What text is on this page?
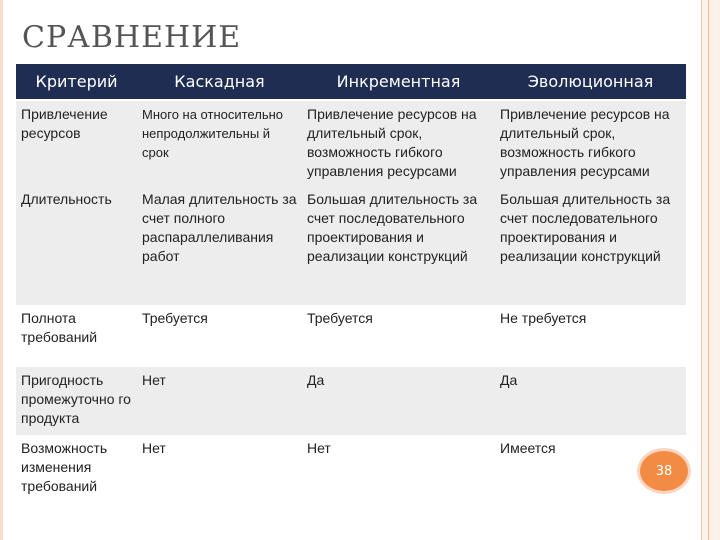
СРАВНЕНИЕ
Критерий	Каскадная	Инкрементная	Эволюционная
Привлечение ресурсов	Много на относительно непродолжительны й срок	Привлечение ресурсов на длительный срок, возможность гибкого управления ресурсами	Привлечение ресурсов на длительный срок, возможность гибкого управления ресурсами
Длительность	Малая длительность за счет полного распараллеливания работ	Большая длительность за счет последовательного проектирования и реализации конструкций	Большая длительность за счет последовательного проектирования и реализации конструкций
Полнота требований	Требуется	Требуется	Не требуется
Пригодность промежуточно го продукта	Нет	Да	Да
Возможность изменения требований	Нет	Нет	Имеется
38
